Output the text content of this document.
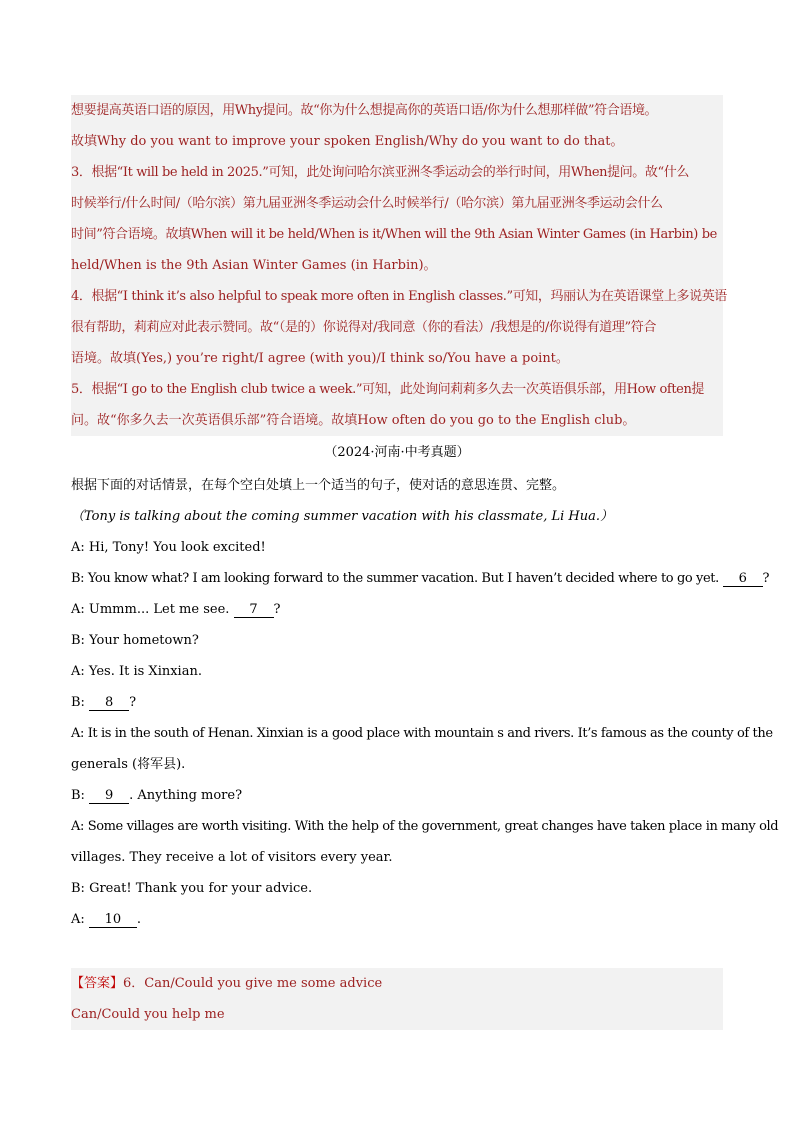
想要提高英语口语的原因，用Why提问。故“你为什么想提高你的英语口语/你为什么想那样做”符合语境。
故填Why do you want to improve your spoken English/Why do you want to do that。
3．根据“It will be held in 2025.”可知，此处询问哈尔滨亚洲冬季运动会的举行时间，用When提问。故“什么
时候举行/什么时间/（哈尔滨）第九届亚洲冬季运动会什么时候举行/（哈尔滨）第九届亚洲冬季运动会什么
时间”符合语境。故填When will it be held/When is it/When will the 9th Asian Winter Games (in Harbin) be
held/When is the 9th Asian Winter Games (in Harbin)。
4．根据“I think it’s also helpful to speak more often in English classes.”可知，玛丽认为在英语课堂上多说英语
很有帮助，莉莉应对此表示赞同。故“（是的）你说得对/我同意（你的看法）/我想是的/你说得有道理”符合
语境。故填(Yes,) you’re right/I agree (with you)/I think so/You have a point。
5．根据“I go to the English club twice a week.”可知，此处询问莉莉多久去一次英语俱乐部，用How often提
问。故“你多久去一次英语俱乐部”符合语境。故填How often do you go to the English club。
（2024·河南·中考真题）
根据下面的对话情景，在每个空白处填上一个适当的句子，使对话的意思连贯、完整。
（Tony is talking about the coming summer vacation with his classmate, Li Hua.）
A: Hi, Tony! You look excited!
B: You know what? I am looking forward to the summer vacation. But I haven’t decided where to go yet. 6 ?
A: Ummm... Let me see. 7 ?
B: Your hometown?
A: Yes. It is Xinxian.
B: 8 ?
A: It is in the south of Henan. Xinxian is a good place with mountain s and rivers. It’s famous as the county of the
generals (将军县).
B: 9 . Anything more?
A: Some villages are worth visiting. With the help of the government, great changes have taken place in many old
villages. They receive a lot of visitors every year.
B: Great! Thank you for your advice.
A: 10 .
【答案】6．Can/Could you give me some advice
Can/Could you help me
